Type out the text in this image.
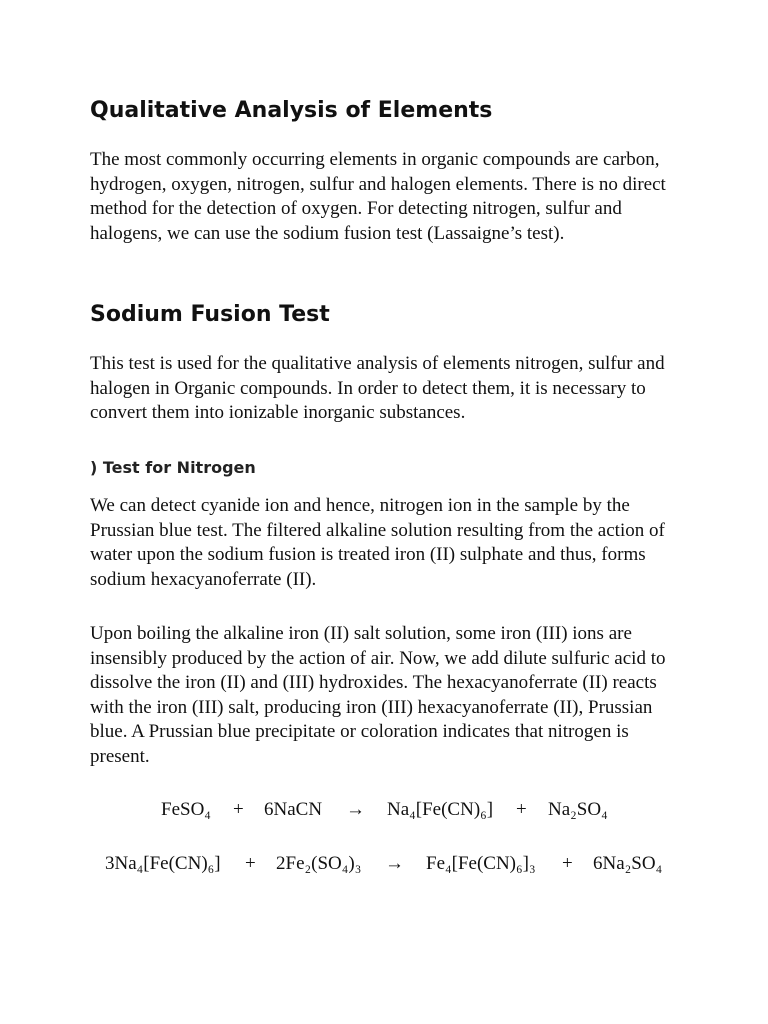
Qualitative Analysis of Elements

The most commonly occurring elements in organic compounds are carbon, hydrogen, oxygen, nitrogen, sulfur and halogen elements. There is no direct method for the detection of oxygen. For detecting nitrogen, sulfur and halogens, we can use the sodium fusion test (Lassaigne’s test).

Sodium Fusion Test

This test is used for the qualitative analysis of elements nitrogen, sulfur and halogen in Organic compounds. In order to detect them, it is necessary to convert them into ionizable inorganic substances.

) Test for Nitrogen

We can detect cyanide ion and hence, nitrogen ion in the sample by the Prussian blue test. The filtered alkaline solution resulting from the action of water upon the sodium fusion is treated iron (II) sulphate and thus, forms sodium hexacyanoferrate (II).

Upon boiling the alkaline iron (II) salt solution, some iron (III) ions are insensibly produced by the action of air. Now, we add dilute sulfuric acid to dissolve the iron (II) and (III) hydroxides. The hexacyanoferrate (II) reacts with the iron (III) salt, producing iron (III) hexacyanoferrate (II), Prussian blue. A Prussian blue precipitate or coloration indicates that nitrogen is present.

FeSO₄ + 6NaCN → Na₄[Fe(CN)₆] + Na₂SO₄
3Na₄[Fe(CN)₆] + 2Fe₂(SO₄)₃ → Fe₄[Fe(CN)₆]₃ + 6Na₂SO₄
